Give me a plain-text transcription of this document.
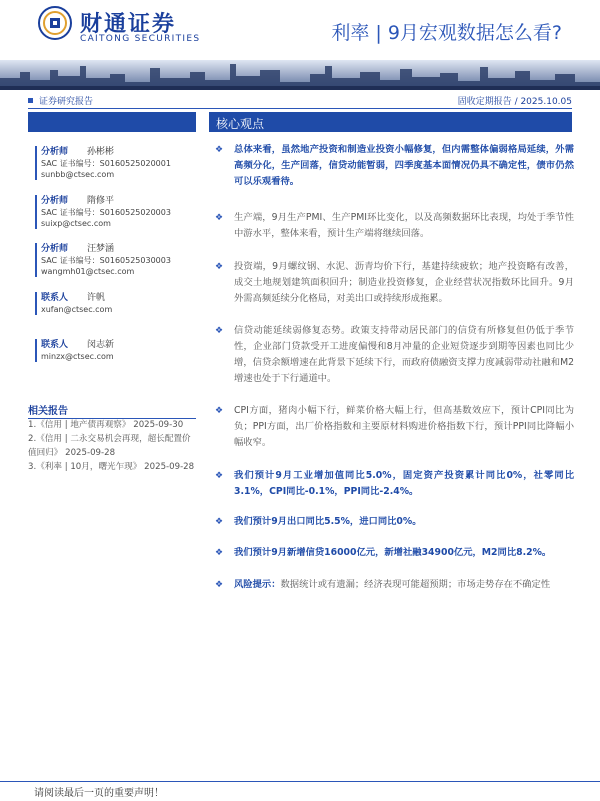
财通证券
CAITONG SECURITIES	利率 | 9月宏观数据怎么看?
证券研究报告	固收定期报告 / 2025.10.05
分析师 孙彬彬
SAC 证书编号：S0160525020001
sunbb@ctsec.com
分析师 隋修平
SAC 证书编号：S0160525020003
suixp@ctsec.com
分析师 汪梦涵
SAC 证书编号：S0160525030003
wangmh01@ctsec.com
联系人 许帆
xufan@ctsec.com
联系人 闵志新
minzx@ctsec.com
相关报告
1.《信用 | 地产债再观察》 2025-09-30
2.《信用 | 二永交易机会再现，超长配置价值回归》 2025-09-28
3.《利率 | 10月，曙光乍现》 2025-09-28
核心观点
❖ 总体来看，虽然地产投资和制造业投资小幅修复，但内需整体偏弱格局延续，外需高频分化，生产回落，信贷动能暂弱，四季度基本面情况仍具不确定性，债市仍然可以乐观看待。
❖ 生产端，9月生产PMI、生产PMI环比变化，以及高频数据环比表现，均处于季节性中游水平，整体来看，预计生产端将继续回落。
❖ 投资端，9月螺纹钢、水泥、沥青均价下行，基建持续疲软；地产投资略有改善，成交土地规划建筑面积回升；制造业投资修复，企业经营状况指数环比回升。9月外需高频延续分化格局，对美出口或持续形成拖累。
❖ 信贷动能延续弱修复态势。政策支持带动居民部门的信贷有所修复但仍低于季节性，企业部门贷款受开工进度偏慢和8月冲量的企业短贷逐步到期等因素也同比少增，信贷余额增速在此背景下延续下行，而政府债融资支撑力度减弱带动社融和M2增速也处于下行通道中。
❖ CPI方面，猪肉小幅下行，鲜菜价格大幅上行，但高基数效应下，预计CPI同比为负；PPI方面，出厂价格指数和主要原材料购进价格指数下行，预计PPI同比降幅小幅收窄。
❖ 我们预计9月工业增加值同比5.0%，固定资产投资累计同比0%，社零同比3.1%，CPI同比-0.1%，PPI同比-2.4%。
❖ 我们预计9月出口同比5.5%，进口同比0%。
❖ 我们预计9月新增信贷16000亿元，新增社融34900亿元，M2同比8.2%。
❖ 风险提示：数据统计或有遗漏；经济表现可能超预期；市场走势存在不确定性
请阅读最后一页的重要声明！
